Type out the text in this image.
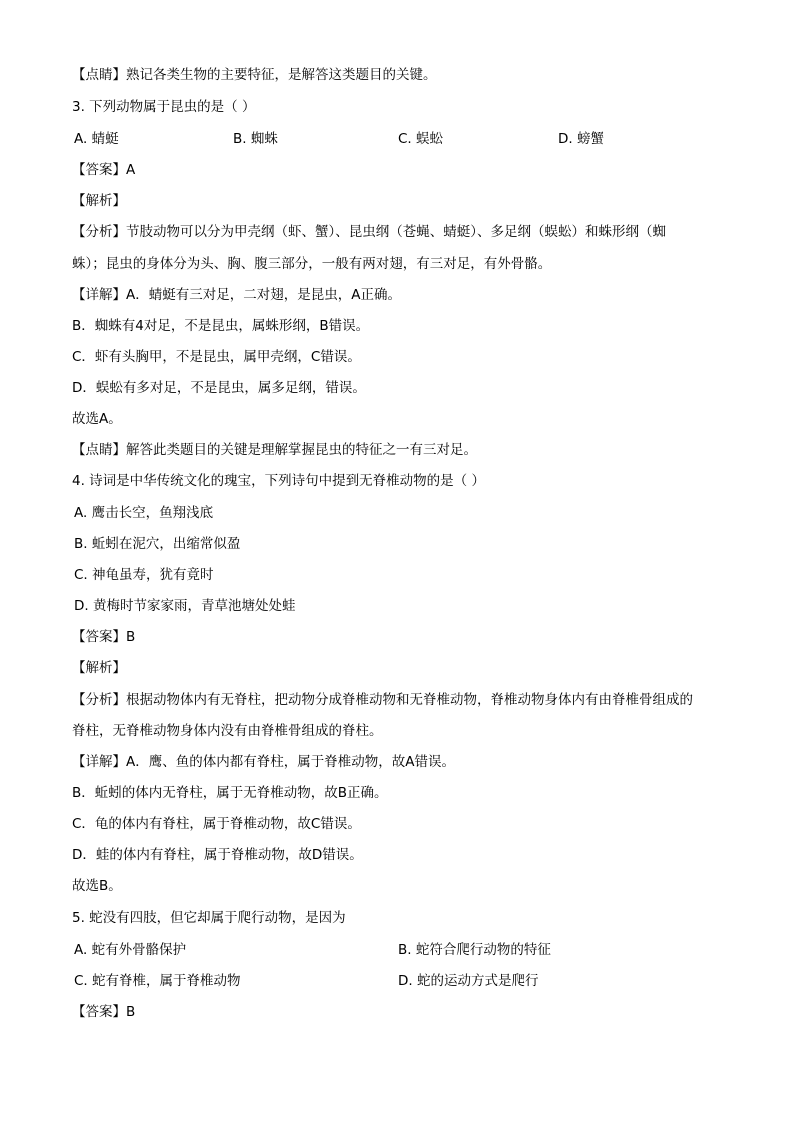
【点睛】熟记各类生物的主要特征，是解答这类题目的关键。
3. 下列动物属于昆虫的是（ ）
A. 蜻蜓	B. 蜘蛛	C. 蜈蚣	D. 螃蟹
【答案】A
【解析】
【分析】节肢动物可以分为甲壳纲（虾、蟹）、昆虫纲（苍蝇、蜻蜓）、多足纲（蜈蚣）和蛛形纲（蜘
蛛）；昆虫的身体分为头、胸、腹三部分，一般有两对翅，有三对足，有外骨骼。
【详解】A．蜻蜓有三对足，二对翅，是昆虫，A正确。
B．蜘蛛有4对足，不是昆虫，属蛛形纲，B错误。
C．虾有头胸甲，不是昆虫，属甲壳纲，C错误。
D．蜈蚣有多对足，不是昆虫，属多足纲，错误。
故选A。
【点睛】解答此类题目的关键是理解掌握昆虫的特征之一有三对足。
4. 诗词是中华传统文化的瑰宝，下列诗句中提到无脊椎动物的是（ ）
A. 鹰击长空，鱼翔浅底
B. 蚯蚓在泥穴，出缩常似盈
C. 神龟虽寿，犹有竟时
D. 黄梅时节家家雨，青草池塘处处蛙
【答案】B
【解析】
【分析】根据动物体内有无脊柱，把动物分成脊椎动物和无脊椎动物，脊椎动物身体内有由脊椎骨组成的
脊柱，无脊椎动物身体内没有由脊椎骨组成的脊柱。
【详解】A．鹰、鱼的体内都有脊柱，属于脊椎动物，故A错误。
B．蚯蚓的体内无脊柱，属于无脊椎动物，故B正确。
C．龟的体内有脊柱，属于脊椎动物，故C错误。
D．蛙的体内有脊柱，属于脊椎动物，故D错误。
故选B。
5. 蛇没有四肢，但它却属于爬行动物，是因为
A. 蛇有外骨骼保护	B. 蛇符合爬行动物的特征
C. 蛇有脊椎，属于脊椎动物	D. 蛇的运动方式是爬行
【答案】B
